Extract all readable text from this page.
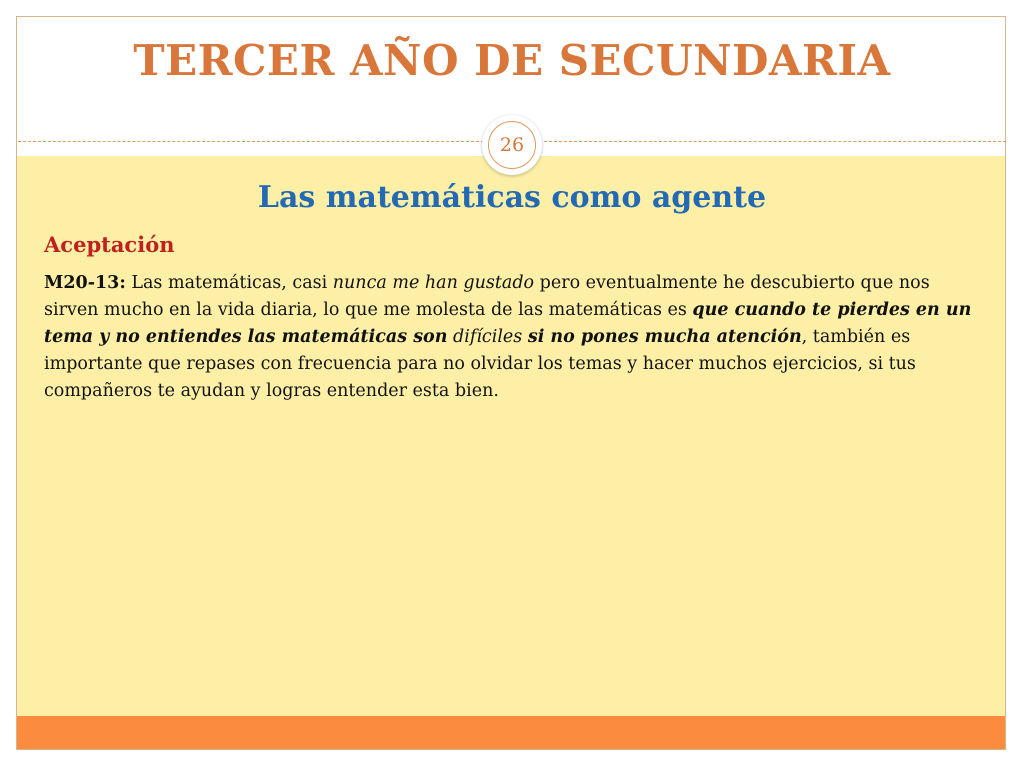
TERCER AÑO DE SECUNDARIA
26
Las matemáticas como agente
Aceptación

M20-13: Las matemáticas, casi nunca me han gustado pero eventualmente he descubierto que nos sirven mucho en la vida diaria, lo que me molesta de las matemáticas es que cuando te pierdes en un tema y no entiendes las matemáticas son difíciles si no pones mucha atención, también es importante que repases con frecuencia para no olvidar los temas y hacer muchos ejercicios, si tus compañeros te ayudan y logras entender esta bien.
